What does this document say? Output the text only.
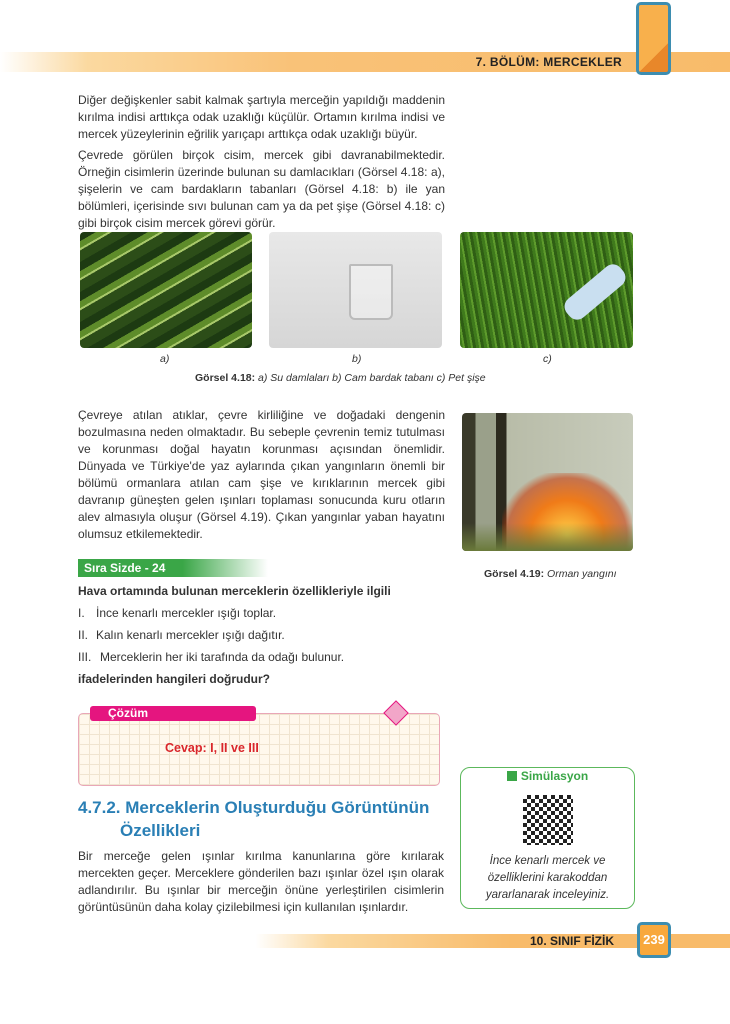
7. BÖLÜM: MERCEKLER

Diğer değişkenler sabit kalmak şartıyla merceğin yapıldığı maddenin kırılma indisi arttıkça odak uzaklığı küçülür. Ortamın kırılma indisi ve mercek yüzeylerinin eğrilik yarıçapı arttıkça odak uzaklığı büyür.

Çevrede görülen birçok cisim, mercek gibi davranabilmektedir. Örneğin cisimlerin üzerinde bulunan su damlacıkları (Görsel 4.18: a), şişelerin ve cam bardakların tabanları (Görsel 4.18: b) ile yan bölümleri, içerisinde sıvı bulunan cam ya da pet şişe (Görsel 4.18: c) gibi birçok cisim mercek görevi görür.

a)	b)	c)
Görsel 4.18: a) Su damlaları b) Cam bardak tabanı c) Pet şişe
Görsel 4.19: Orman yangını

Çevreye atılan atıklar, çevre kirliliğine ve doğadaki dengenin bozulmasına neden olmaktadır. Bu sebeple çevrenin temiz tutulması ve korunması doğal hayatın korunması açısından önemlidir. Dünyada ve Türkiye'de yaz aylarında çıkan yangınların önemli bir bölümü ormanlara atılan cam şişe ve kırıklarının mercek gibi davranıp güneşten gelen ışınları toplaması sonucunda kuru otların alev almasıyla oluşur (Görsel 4.19). Çıkan yangınlar yaban hayatını olumsuz etkilemektedir.

Sıra Sizde - 24
Hava ortamında bulunan merceklerin özellikleriyle ilgili
I. İnce kenarlı mercekler ışığı toplar.
II. Kalın kenarlı mercekler ışığı dağıtır.
III. Merceklerin her iki tarafında da odağı bulunur.
ifadelerinden hangileri doğrudur?
Çözüm
Cevap: I, II ve III
4.7.2. Merceklerin Oluşturduğu Görüntünün
Özellikleri

Bir merceğe gelen ışınlar kırılma kanunlarına göre kırılarak mercekten geçer. Merceklere gönderilen bazı ışınlar özel ışın olarak adlandırılır. Bu ışınlar bir merceğin önüne yerleştirilen cisimlerin görüntüsünün daha kolay çizilebilmesi için kullanılan ışınlardır.

Simülasyon
İnce kenarlı mercek ve özelliklerini karakoddan yararlanarak inceleyiniz.
10. SINIF FİZİK	239
